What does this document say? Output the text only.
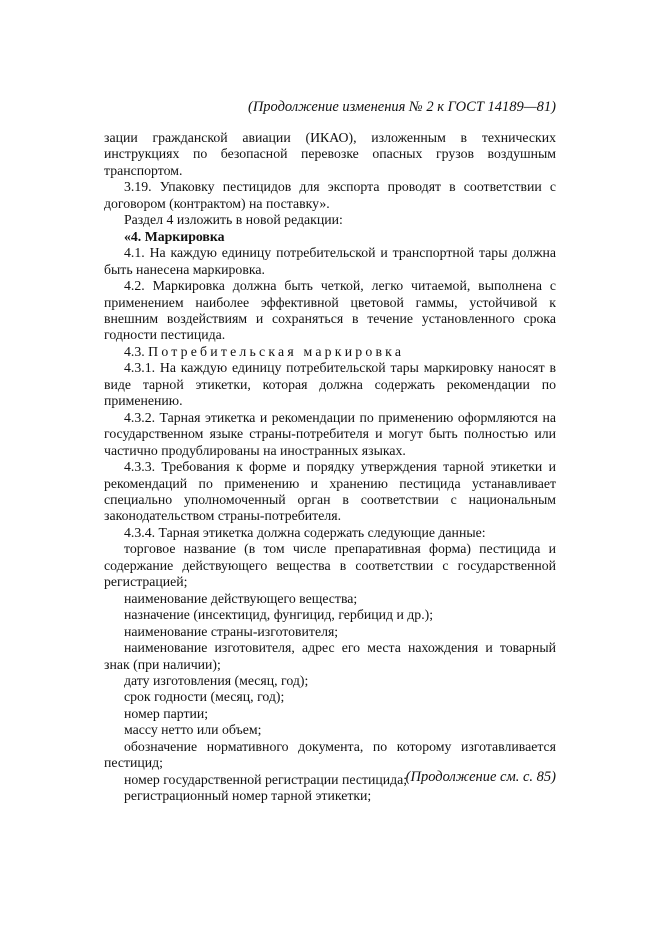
(Продолжение изменения № 2 к ГОСТ 14189—81)

зации гражданской авиации (ИКАО), изложенным в технических инструкциях по безопасной перевозке опасных грузов воздушным транспортом.

3.19. Упаковку пестицидов для экспорта проводят в соответствии с договором (контрактом) на поставку».

Раздел 4 изложить в новой редакции:

«4. Маркировка

4.1. На каждую единицу потребительской и транспортной тары должна быть нанесена маркировка.

4.2. Маркировка должна быть четкой, легко читаемой, выполнена с применением наиболее эффективной цветовой гаммы, устойчивой к внешним воздействиям и сохраняться в течение установленного срока годности пестицида.

4.3. Потребительская маркировка

4.3.1. На каждую единицу потребительской тары маркировку наносят в виде тарной этикетки, которая должна содержать рекомендации по применению.

4.3.2. Тарная этикетка и рекомендации по применению оформляются на государственном языке страны-потребителя и могут быть полностью или частично продублированы на иностранных языках.

4.3.3. Требования к форме и порядку утверждения тарной этикетки и рекомендаций по применению и хранению пестицида устанавливает специально уполномоченный орган в соответствии с национальным законодательством страны-потребителя.

4.3.4. Тарная этикетка должна содержать следующие данные:

торговое название (в том числе препаративная форма) пестицида и содержание действующего вещества в соответствии с государственной регистрацией;

наименование действующего вещества;

назначение (инсектицид, фунгицид, гербицид и др.);

наименование страны-изготовителя;

наименование изготовителя, адрес его места нахождения и товарный знак (при наличии);

дату изготовления (месяц, год);

срок годности (месяц, год);

номер партии;

массу нетто или объем;

обозначение нормативного документа, по которому изготавливается пестицид;

номер государственной регистрации пестицида;

регистрационный номер тарной этикетки;

(Продолжение см. с. 85)
